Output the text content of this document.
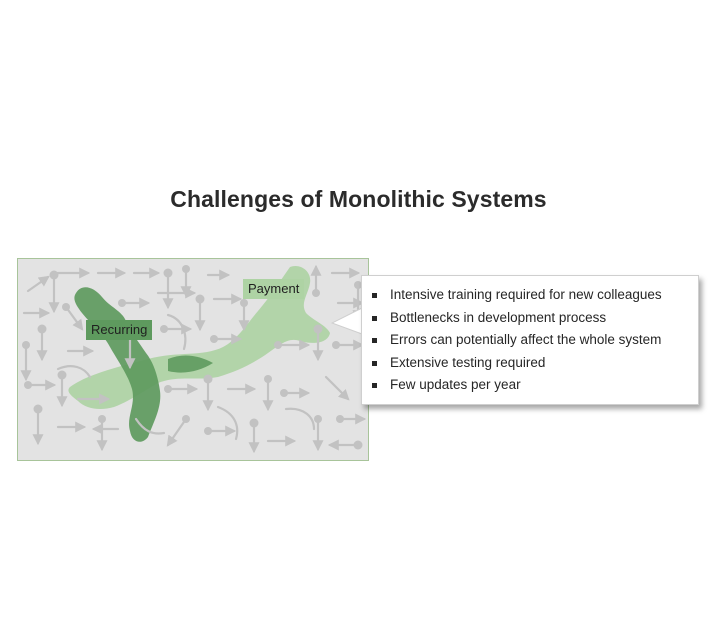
Challenges of Monolithic Systems
Recurring
Payment	Intensive training required for new colleagues
Bottlenecks in development process
Errors can potentially affect the whole system
Extensive testing required
Few updates per year
